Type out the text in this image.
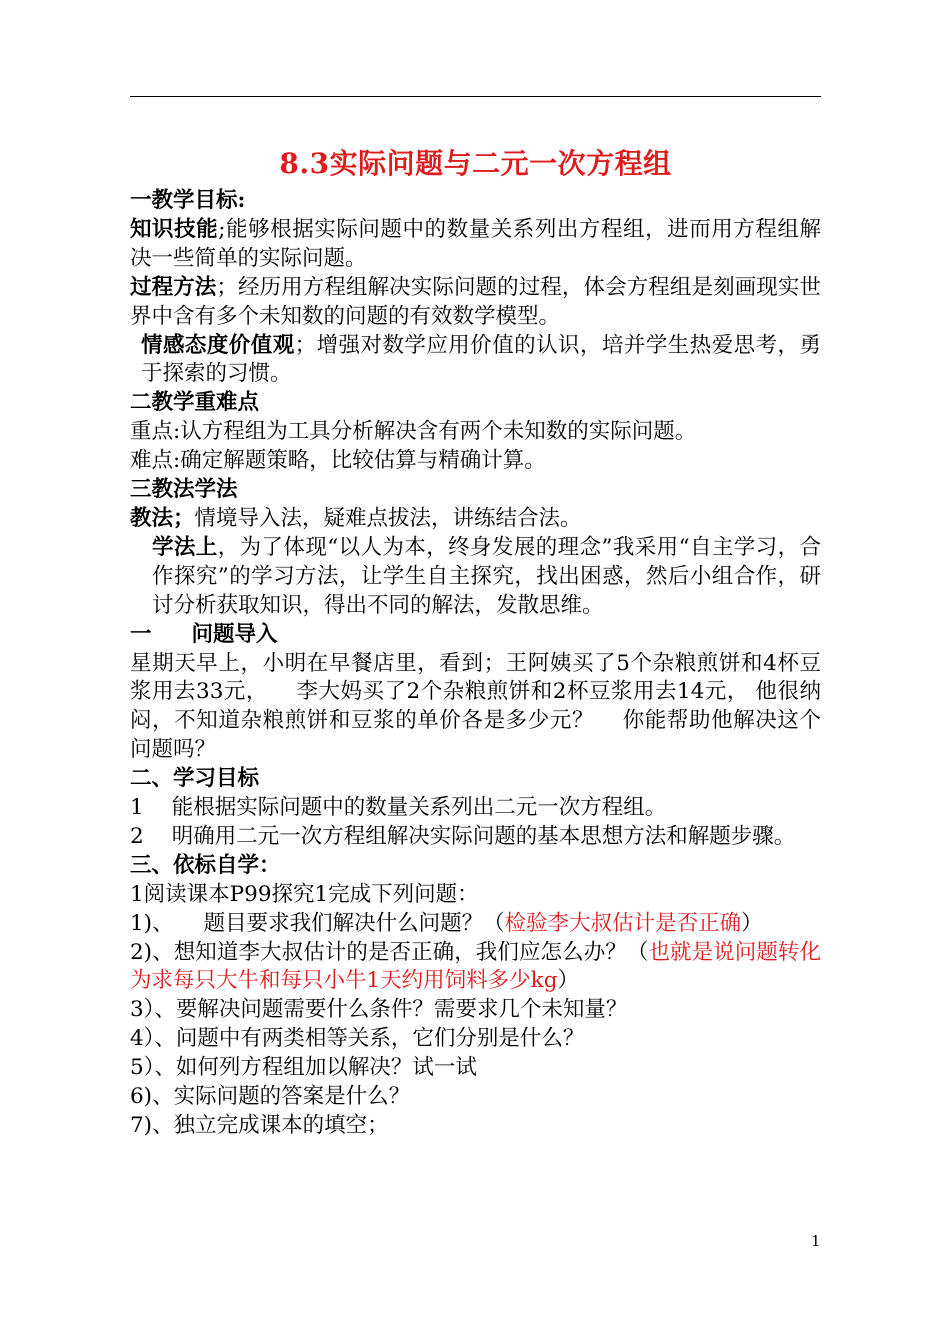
8.3实际问题与二元一次方程组

一教学目标:

知识技能;能够根据实际问题中的数量关系列出方程组，进而用方程组解决一些简单的实际问题。

过程方法；经历用方程组解决实际问题的过程，体会方程组是刻画现实世界中含有多个未知数的问题的有效数学模型。

情感态度价值观；增强对数学应用价值的认识，培并学生热爱思考，勇于探索的习惯。

二教学重难点

重点:认方程组为工具分析解决含有两个未知数的实际问题。

难点:确定解题策略，比较估算与精确计算。

三教法学法

教法；情境导入法，疑难点拔法，讲练结合法。

学法上，为了体现“以人为本，终身发展的理念”我采用“自主学习，合作探究”的学习方法，让学生自主探究，找出困惑，然后小组合作，研讨分析获取知识，得出不同的解法，发散思维。

一 问题导入

星期天早上，小明在早餐店里，看到；王阿姨买了5个杂粮煎饼和4杯豆浆用去33元， 李大妈买了2个杂粮煎饼和2杯豆浆用去14元， 他很纳闷，不知道杂粮煎饼和豆浆的单价各是多少元？ 你能帮助他解决这个问题吗？

二、学习目标

1 能根据实际问题中的数量关系列出二元一次方程组。

2 明确用二元一次方程组解决实际问题的基本思想方法和解题步骤。

三、依标自学：

1阅读课本P99探究1完成下列问题：

1)、 题目要求我们解决什么问题？（检验李大叔估计是否正确）

2)、想知道李大叔估计的是否正确，我们应怎么办？（也就是说问题转化为求每只大牛和每只小牛1天约用饲料多少kg）

3）、要解决问题需要什么条件？需要求几个未知量？

4）、问题中有两类相等关系，它们分别是什么？

5）、如何列方程组加以解决？试一试

6)、实际问题的答案是什么？

7)、独立完成课本的填空；

1
